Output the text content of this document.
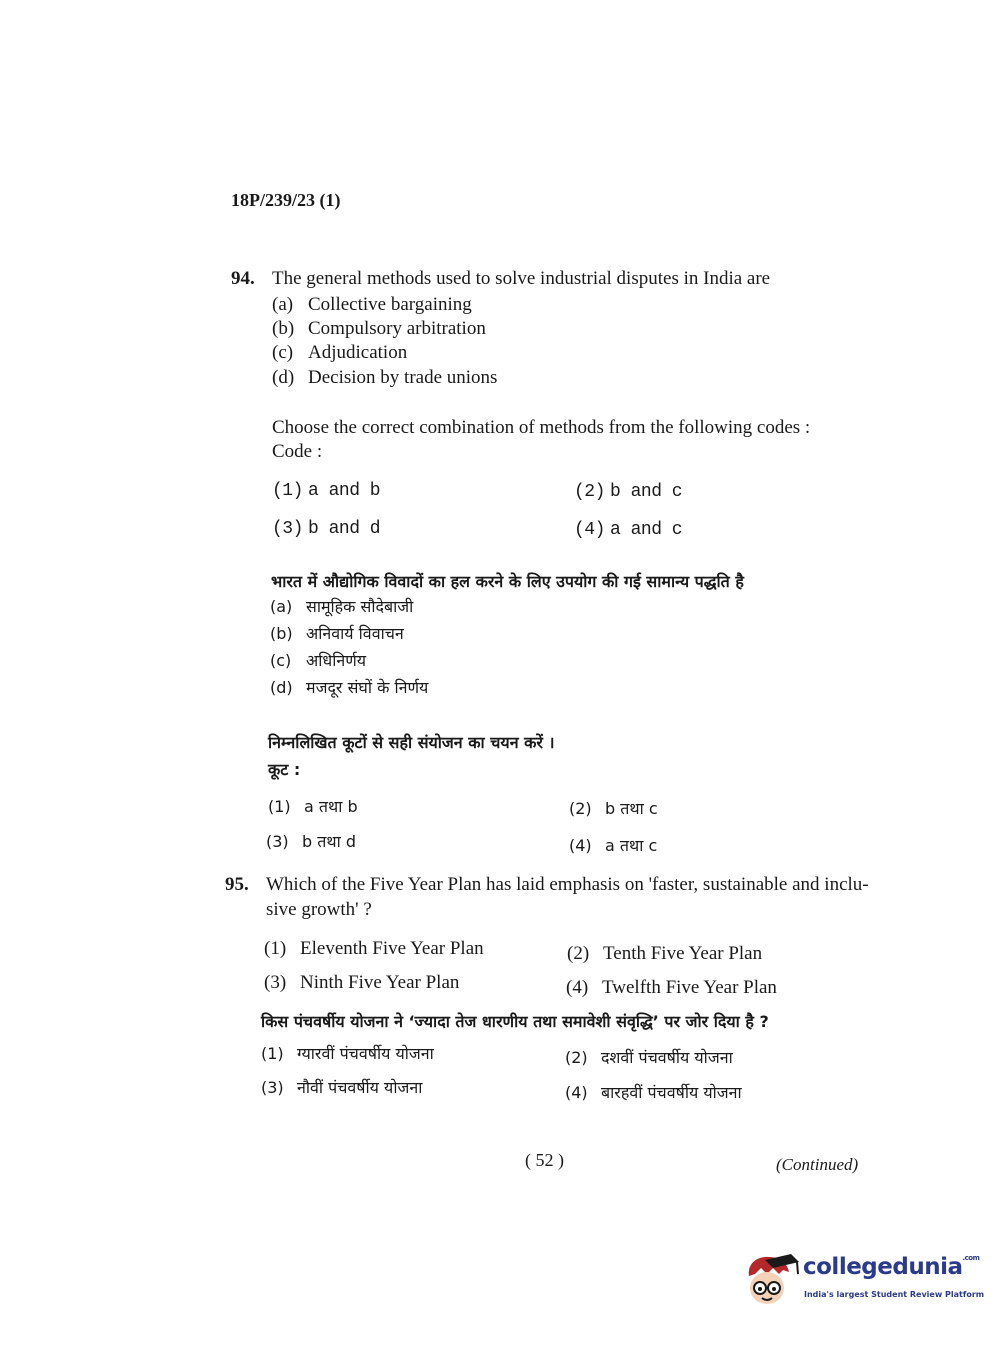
18P/239/23 (1)
94. The general methods used to solve industrial disputes in India are
(a) Collective bargaining
(b) Compulsory arbitration
(c) Adjudication
(d) Decision by trade unions
Choose the correct combination of methods from the following codes :
Code :
(1) a and b	(2) b and c
(3) b and d	(4) a and c
भारत में औद्योगिक विवादों का हल करने के लिए उपयोग की गई सामान्य पद्धति है
(a) सामूहिक सौदेबाजी
(b) अनिवार्य विवाचन
(c) अधिनिर्णय
(d) मजदूर संघों के निर्णय
निम्नलिखित कूटों से सही संयोजन का चयन करें ।
कूट :
(1) a तथा b	(2) b तथा c
(3) b तथा d	(4) a तथा c
95. Which of the Five Year Plan has laid emphasis on 'faster, sustainable and inclu-
sive growth' ?
(1) Eleventh Five Year Plan	(2) Tenth Five Year Plan
(3) Ninth Five Year Plan	(4) Twelfth Five Year Plan
किस पंचवर्षीय योजना ने ‘ज्यादा तेज धारणीय तथा समावेशी संवृद्धि’ पर जोर दिया है ?
(1) ग्यारवीं पंचवर्षीय योजना	(2) दशवीं पंचवर्षीय योजना
(3) नौवीं पंचवर्षीय योजना	(4) बारहवीं पंचवर्षीय योजना
( 52 )	(Continued)
collegedunia$^{.com}$
India's largest Student Review Platform
